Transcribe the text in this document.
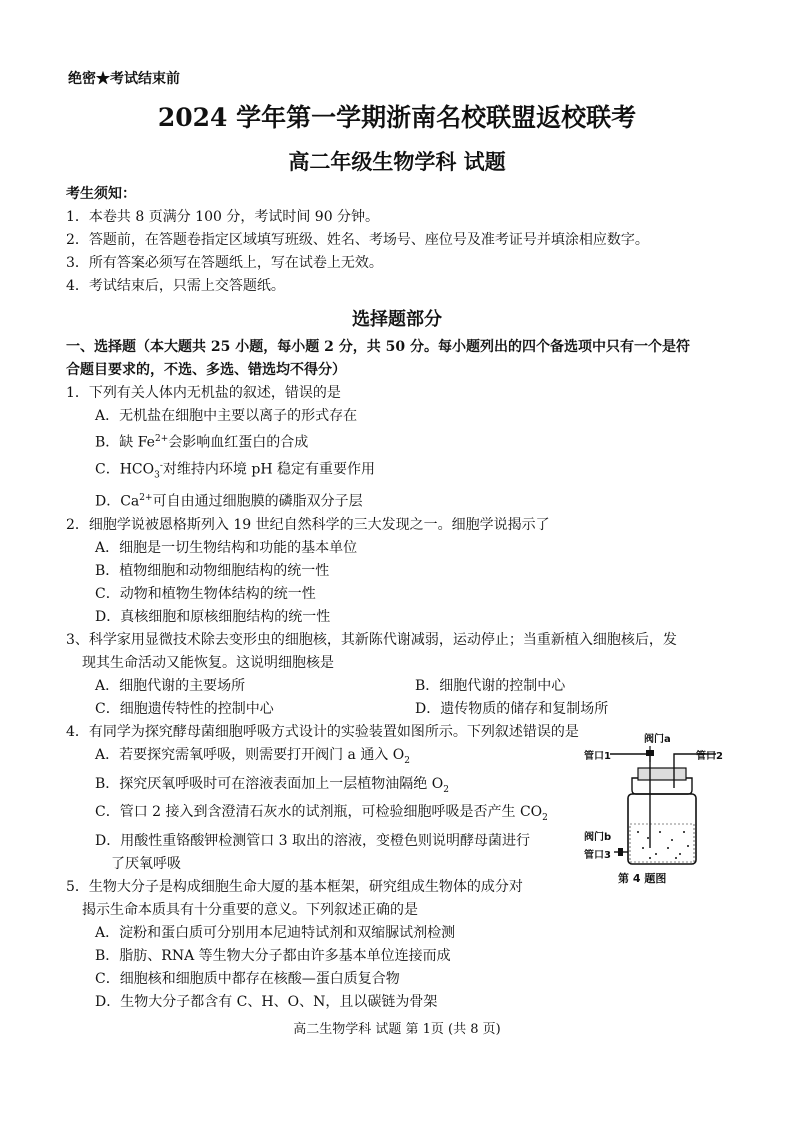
绝密★考试结束前
2024 学年第一学期浙南名校联盟返校联考
高二年级生物学科 试题
考生须知：
1．本卷共 8 页满分 100 分，考试时间 90 分钟。
2．答题前，在答题卷指定区域填写班级、姓名、考场号、座位号及准考证号并填涂相应数字。
3．所有答案必须写在答题纸上，写在试卷上无效。
4．考试结束后，只需上交答题纸。
选择题部分
一、选择题（本大题共 25 小题，每小题 2 分，共 50 分。每小题列出的四个备选项中只有一个是符
合题目要求的，不选、多选、错选均不得分）
1．下列有关人体内无机盐的叙述，错误的是
A．无机盐在细胞中主要以离子的形式存在
B．缺 $Fe^{2+}$会影响血红蛋白的合成
C．$HCO_3^-$对维持内环境 pH 稳定有重要作用
D．$Ca^{2+}$可自由通过细胞膜的磷脂双分子层
2．细胞学说被恩格斯列入 19 世纪自然科学的三大发现之一。细胞学说揭示了
A．细胞是一切生物结构和功能的基本单位
B．植物细胞和动物细胞结构的统一性
C．动物和植物生物体结构的统一性
D．真核细胞和原核细胞结构的统一性
3、科学家用显微技术除去变形虫的细胞核，其新陈代谢减弱，运动停止；当重新植入细胞核后，发
现其生命活动又能恢复。这说明细胞核是
A．细胞代谢的主要场所	B．细胞代谢的控制中心
C．细胞遗传特性的控制中心	D．遗传物质的储存和复制场所
4．有同学为探究酵母菌细胞呼吸方式设计的实验装置如图所示。下列叙述错误的是
A．若要探究需氧呼吸，则需要打开阀门 a 通入 $O_2$
B．探究厌氧呼吸时可在溶液表面加上一层植物油隔绝 $O_2$
C．管口 2 接入到含澄清石灰水的试剂瓶，可检验细胞呼吸是否产生 $CO_2$
D．用酸性重铬酸钾检测管口 3 取出的溶液，变橙色则说明酵母菌进行
了厌氧呼吸
5．生物大分子是构成细胞生命大厦的基本框架，研究组成生物体的成分对
揭示生命本质具有十分重要的意义。下列叙述正确的是
A．淀粉和蛋白质可分别用本尼迪特试剂和双缩脲试剂检测
B．脂肪、RNA 等生物大分子都由许多基本单位连接而成
C．细胞核和细胞质中都存在核酸—蛋白质复合物
D．生物大分子都含有 C、H、O、N，且以碳链为骨架
阀门a
管口1	管口2
阀门b
管口3
第 4 题图
高二生物学科 试题 第 1页 (共 8 页)
